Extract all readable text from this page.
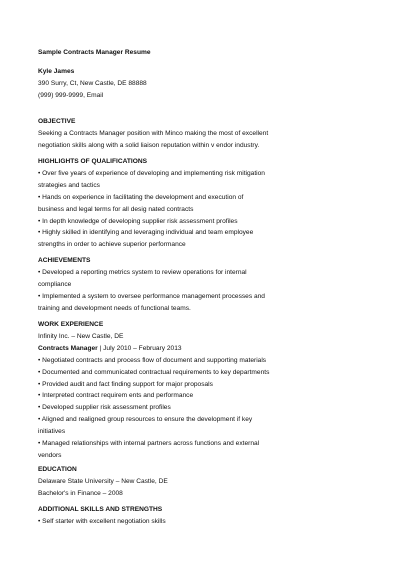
Sample Contracts Manager Resume

Kyle James

390 Surry, Ct, New Castle, DE 88888

(999) 999-9999, Email

OBJECTIVE

Seeking a Contracts Manager position with Minco making the most of excellent

negotiation skills along with a solid liaison reputation within v endor industry.

HIGHLIGHTS OF QUALIFICATIONS

• Over five years of experience of developing and implementing risk mitigation

strategies and tactics

• Hands on experience in facilitating the development and execution of

business and legal terms for all desig nated contracts

• In depth knowledge of developing supplier risk assessment profiles

• Highly skilled in identifying and leveraging individual and team employee

strengths in order to achieve superior performance

ACHIEVEMENTS

• Developed a reporting metrics system to review operations for internal

compliance

• Implemented a system to oversee performance management processes and

training and development needs of functional teams.

WORK EXPERIENCE

Infinity Inc. – New Castle, DE

Contracts Manager | July 2010 – February 2013

• Negotiated contracts and process flow of document and supporting materials

• Documented and communicated contractual requirements to key departments

• Provided audit and fact finding support for major proposals

• Interpreted contract requirem ents and performance

• Developed supplier risk assessment profiles

• Aligned and realigned group resources to ensure the development if key

initiatives

• Managed relationships with internal partners across functions and external

vendors

EDUCATION

Delaware State University – New Castle, DE

Bachelor's in Finance – 2008

ADDITIONAL SKILLS AND STRENGTHS

• Self starter with excellent negotiation skills
